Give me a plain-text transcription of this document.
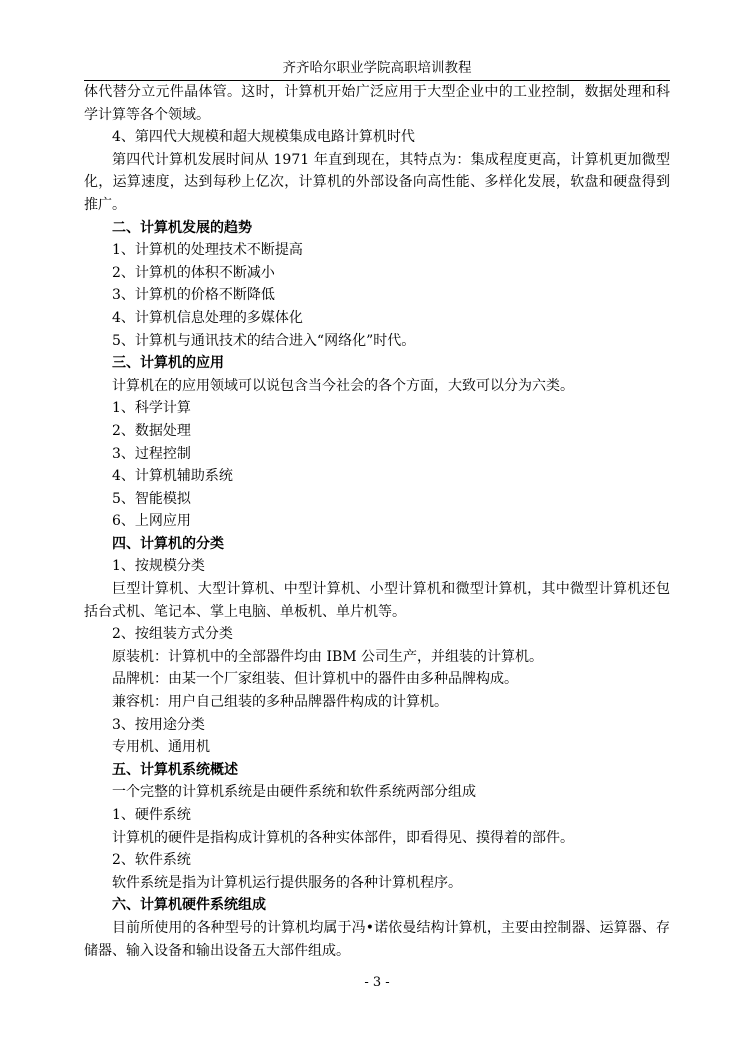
齐齐哈尔职业学院高职培训教程

体代替分立元件晶体管。这时，计算机开始广泛应用于大型企业中的工业控制，数据处理和科学计算等各个领域。

4、第四代大规模和超大规模集成电路计算机时代

第四代计算机发展时间从 1971 年直到现在，其特点为：集成程度更高，计算机更加微型化，运算速度，达到每秒上亿次，计算机的外部设备向高性能、多样化发展，软盘和硬盘得到推广。

二、计算机发展的趋势

1、计算机的处理技术不断提高

2、计算机的体积不断减小

3、计算机的价格不断降低

4、计算机信息处理的多媒体化

5、计算机与通讯技术的结合进入“网络化”时代。

三、计算机的应用

计算机在的应用领域可以说包含当今社会的各个方面，大致可以分为六类。

1、科学计算

2、数据处理

3、过程控制

4、计算机辅助系统

5、智能模拟

6、上网应用

四、计算机的分类

1、按规模分类

巨型计算机、大型计算机、中型计算机、小型计算机和微型计算机，其中微型计算机还包括台式机、笔记本、掌上电脑、单板机、单片机等。

2、按组装方式分类

原装机：计算机中的全部器件均由 IBM 公司生产，并组装的计算机。

品牌机：由某一个厂家组装、但计算机中的器件由多种品牌构成。

兼容机：用户自己组装的多种品牌器件构成的计算机。

3、按用途分类

专用机、通用机

五、计算机系统概述

一个完整的计算机系统是由硬件系统和软件系统两部分组成

1、硬件系统

计算机的硬件是指构成计算机的各种实体部件，即看得见、摸得着的部件。

2、软件系统

软件系统是指为计算机运行提供服务的各种计算机程序。

六、计算机硬件系统组成

目前所使用的各种型号的计算机均属于冯•诺依曼结构计算机，主要由控制器、运算器、存储器、输入设备和输出设备五大部件组成。

- 3 -
